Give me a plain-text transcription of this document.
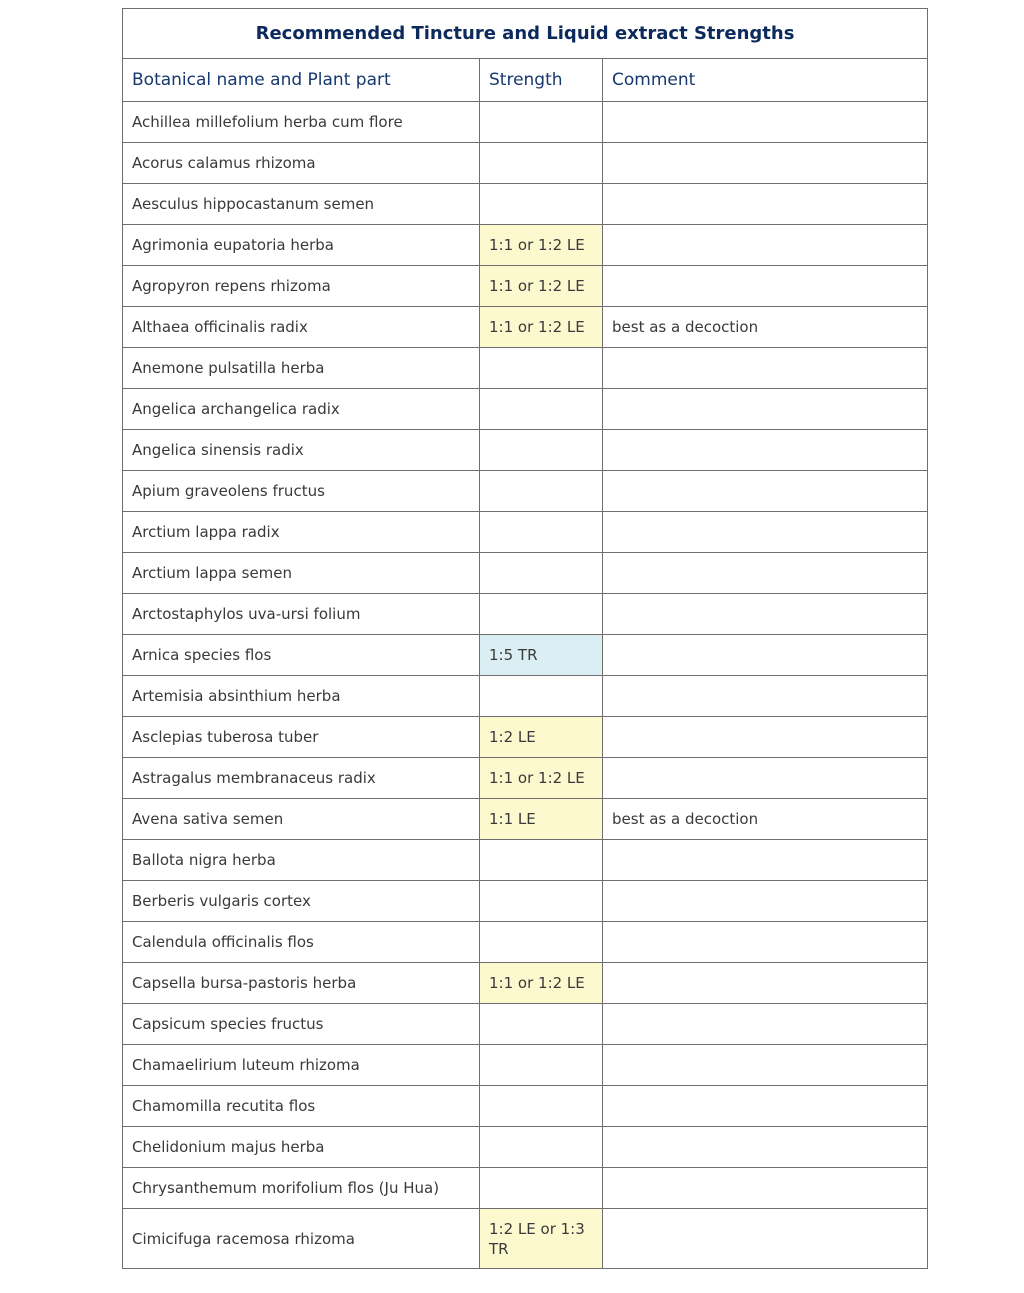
Recommended Tincture and Liquid extract Strengths		
Botanical name and Plant part	Strength	Comment
Achillea millefolium herba cum flore		
Acorus calamus rhizoma		
Aesculus hippocastanum semen		
Agrimonia eupatoria herba	1:1 or 1:2 LE	
Agropyron repens rhizoma	1:1 or 1:2 LE	
Althaea officinalis radix	1:1 or 1:2 LE	best as a decoction
Anemone pulsatilla herba		
Angelica archangelica radix		
Angelica sinensis radix		
Apium graveolens fructus		
Arctium lappa radix		
Arctium lappa semen		
Arctostaphylos uva-ursi folium		
Arnica species flos	1:5 TR	
Artemisia absinthium herba		
Asclepias tuberosa tuber	1:2 LE	
Astragalus membranaceus radix	1:1 or 1:2 LE	
Avena sativa semen	1:1 LE	best as a decoction
Ballota nigra herba		
Berberis vulgaris cortex		
Calendula officinalis flos		
Capsella bursa-pastoris herba	1:1 or 1:2 LE	
Capsicum species fructus		
Chamaelirium luteum rhizoma		
Chamomilla recutita flos		
Chelidonium majus herba		
Chrysanthemum morifolium flos (Ju Hua)		
Cimicifuga racemosa rhizoma	1:2 LE or 1:3 TR	
